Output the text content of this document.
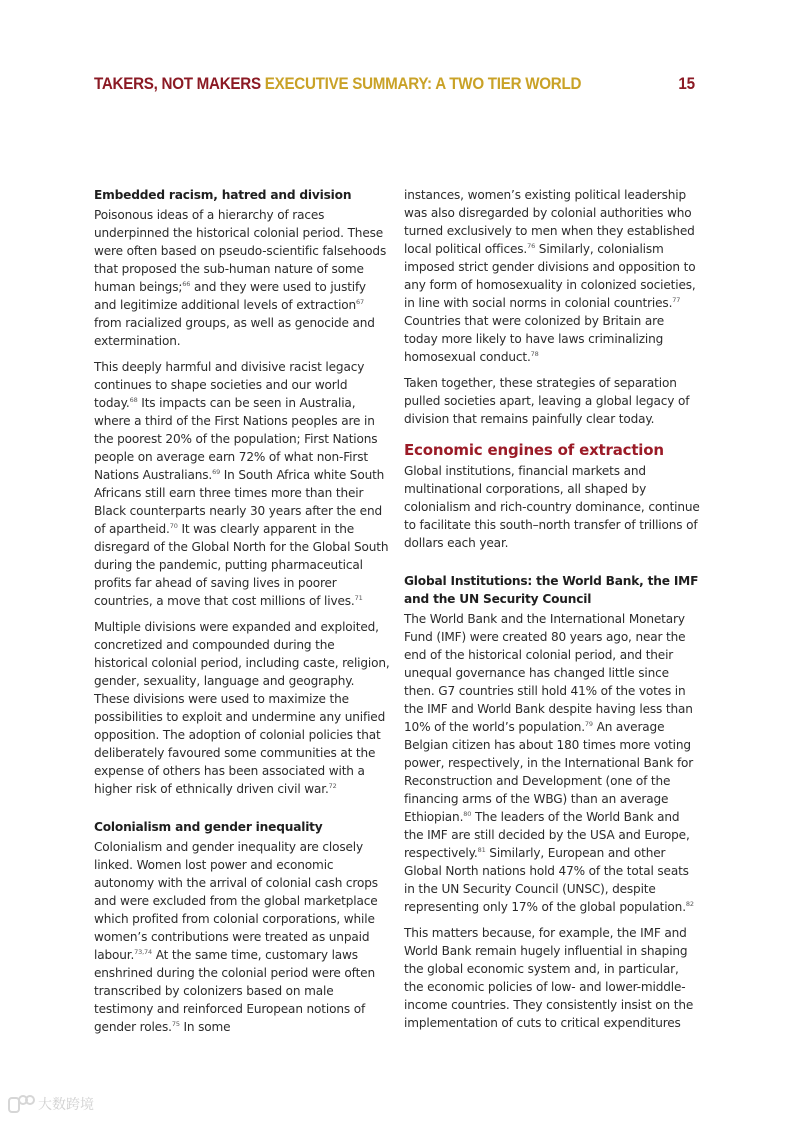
TAKERS, NOT MAKERS EXECUTIVE SUMMARY: A TWO TIER WORLD	15
Embedded racism, hatred and division

Poisonous ideas of a hierarchy of races underpinned the historical colonial period. These were often based on pseudo-scientific falsehoods that proposed the sub-human nature of some human beings;$^{66}$ and they were used to justify and legitimize additional levels of extraction$^{67}$ from racialized groups, as well as genocide and extermination.

This deeply harmful and divisive racist legacy continues to shape societies and our world today.$^{68}$ Its impacts can be seen in Australia, where a third of the First Nations peoples are in the poorest 20% of the population; First Nations people on average earn 72% of what non-First Nations Australians.$^{69}$ In South Africa white South Africans still earn three times more than their Black counterparts nearly 30 years after the end of apartheid.$^{70}$ It was clearly apparent in the disregard of the Global North for the Global South during the pandemic, putting pharmaceutical profits far ahead of saving lives in poorer countries, a move that cost millions of lives.$^{71}$

Multiple divisions were expanded and exploited, concretized and compounded during the historical colonial period, including caste, religion, gender, sexuality, language and geography. These divisions were used to maximize the possibilities to exploit and undermine any unified opposition. The adoption of colonial policies that deliberately favoured some communities at the expense of others has been associated with a higher risk of ethnically driven civil war.$^{72}$

Colonialism and gender inequality

Colonialism and gender inequality are closely linked. Women lost power and economic autonomy with the arrival of colonial cash crops and were excluded from the global marketplace which profited from colonial corporations, while women’s contributions were treated as unpaid labour.$^{73,74}$ At the same time, customary laws enshrined during the colonial period were often transcribed by colonizers based on male testimony and reinforced European notions of gender roles.$^{75}$ In some

instances, women’s existing political leadership was also disregarded by colonial authorities who turned exclusively to men when they established local political offices.$^{76}$ Similarly, colonialism imposed strict gender divisions and opposition to any form of homosexuality in colonized societies, in line with social norms in colonial countries.$^{77}$ Countries that were colonized by Britain are today more likely to have laws criminalizing homosexual conduct.$^{78}$

Taken together, these strategies of separation pulled societies apart, leaving a global legacy of division that remains painfully clear today.

Economic engines of extraction

Global institutions, financial markets and multinational corporations, all shaped by colonialism and rich-country dominance, continue to facilitate this south–north transfer of trillions of dollars each year.

Global Institutions: the World Bank, the IMF and the UN Security Council

The World Bank and the International Monetary Fund (IMF) were created 80 years ago, near the end of the historical colonial period, and their unequal governance has changed little since then. G7 countries still hold 41% of the votes in the IMF and World Bank despite having less than 10% of the world’s population.$^{79}$ An average Belgian citizen has about 180 times more voting power, respectively, in the International Bank for Reconstruction and Development (one of the financing arms of the WBG) than an average Ethiopian.$^{80}$ The leaders of the World Bank and the IMF are still decided by the USA and Europe, respectively.$^{81}$ Similarly, European and other Global North nations hold 47% of the total seats in the UN Security Council (UNSC), despite representing only 17% of the global population.$^{82}$

This matters because, for example, the IMF and World Bank remain hugely influential in shaping the global economic system and, in particular, the economic policies of low- and lower-middle-income countries. They consistently insist on the implementation of cuts to critical expenditures

大数跨境
